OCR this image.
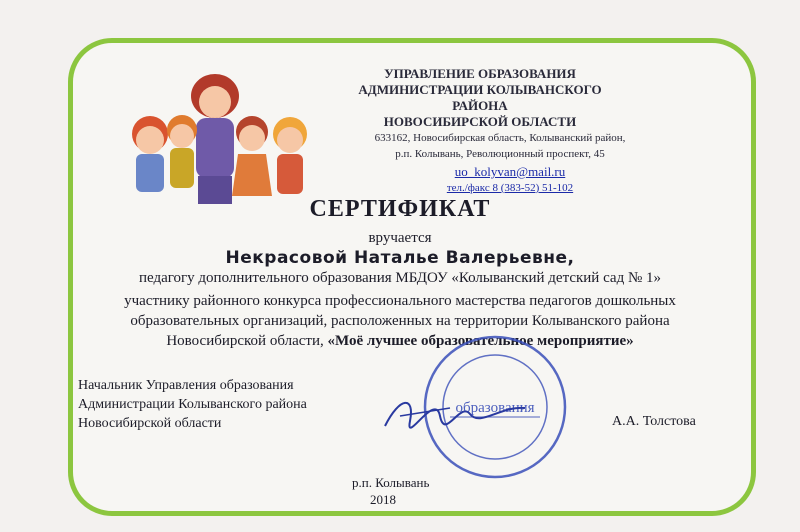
УПРАВЛЕНИЕ ОБРАЗОВАНИЯ
АДМИНИСТРАЦИИ КОЛЫВАНСКОГО РАЙОНА
НОВОСИБИРСКОЙ ОБЛАСТИ
633162, Новосибирская область, Колыванский район,
р.п. Колывань, Революционный проспект, 45
uo_kolyvan@mail.ru
тел./факс 8 (383-52) 51-102
СЕРТИФИКАТ
вручается
Некрасовой Наталье Валерьевне,
педагогу дополнительного образования МБДОУ «Колыванский детский сад № 1»
участнику районного конкурса профессионального мастерства педагогов дошкольных
образовательных организаций, расположенных на территории Колыванского района
Новосибирской области, «Моё лучшее образовательное мероприятие»
Начальник Управления образования
Администрации Колыванского района
Новосибирской области
образования
А.А. Толстова
р.п. Колывань
2018
